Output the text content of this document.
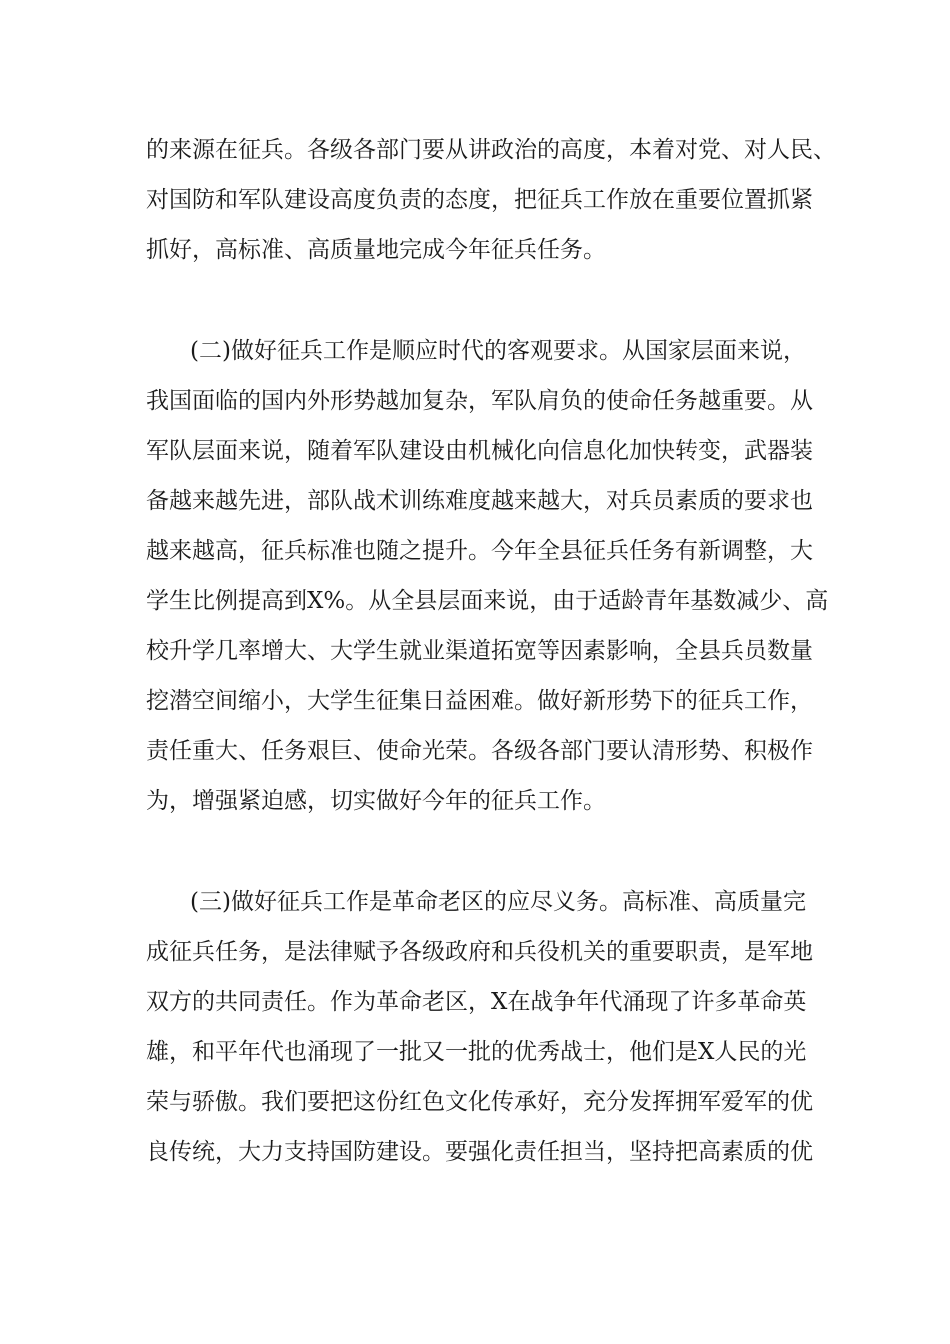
的来源在征兵。各级各部门要从讲政治的高度，本着对党、对人民、
对国防和军队建设高度负责的态度，把征兵工作放在重要位置抓紧
抓好，高标准、高质量地完成今年征兵任务。
(二)做好征兵工作是顺应时代的客观要求。从国家层面来说，
我国面临的国内外形势越加复杂，军队肩负的使命任务越重要。从
军队层面来说，随着军队建设由机械化向信息化加快转变，武器装
备越来越先进，部队战术训练难度越来越大，对兵员素质的要求也
越来越高，征兵标准也随之提升。今年全县征兵任务有新调整，大
学生比例提高到X%。从全县层面来说，由于适龄青年基数减少、高
校升学几率增大、大学生就业渠道拓宽等因素影响，全县兵员数量
挖潜空间缩小，大学生征集日益困难。做好新形势下的征兵工作，
责任重大、任务艰巨、使命光荣。各级各部门要认清形势、积极作
为，增强紧迫感，切实做好今年的征兵工作。
(三)做好征兵工作是革命老区的应尽义务。高标准、高质量完
成征兵任务，是法律赋予各级政府和兵役机关的重要职责，是军地
双方的共同责任。作为革命老区，X在战争年代涌现了许多革命英
雄，和平年代也涌现了一批又一批的优秀战士，他们是X人民的光
荣与骄傲。我们要把这份红色文化传承好，充分发挥拥军爱军的优
良传统，大力支持国防建设。要强化责任担当，坚持把高素质的优
